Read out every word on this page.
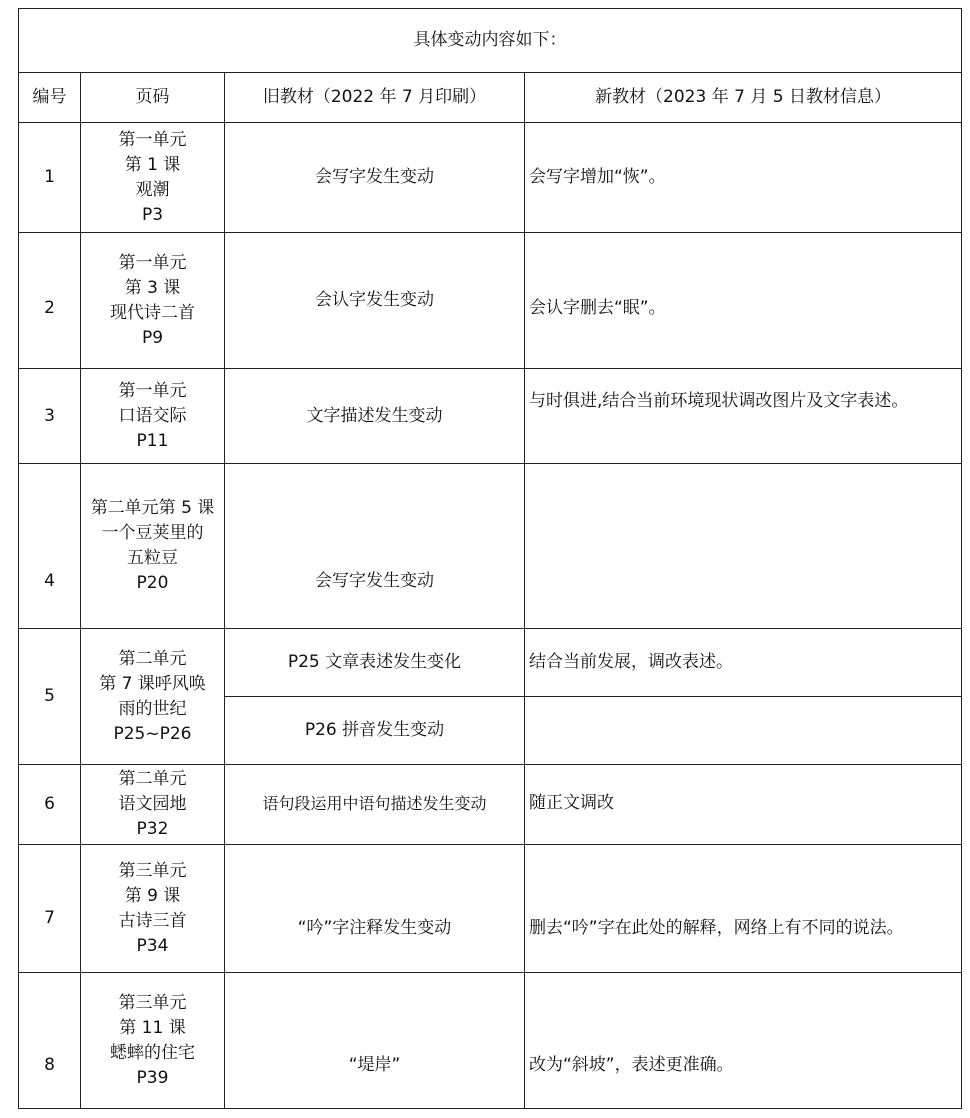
具体变动内容如下：			
编号	页码	旧教材（2022 年 7 月印刷）	新教材（2023 年 7 月 5 日教材信息）
1	第一单元
第 1 课
观潮
P3	会写字发生变动	会写字增加“恢”。
2	第一单元
第 3 课
现代诗二首
P9	会认字发生变动	会认字删去“眠”。
3	第一单元
口语交际
P11	文字描述发生变动	与时俱进,结合当前环境现状调改图片及文字表述。
4	第二单元第 5 课
一个豆荚里的
五粒豆
P20	会写字发生变动	
5	第二单元
第 7 课呼风唤
雨的世纪
P25~P26	P25 文章表述发生变化	结合当前发展，调改表述。
		P26 拼音发生变动	
6	第二单元
语文园地
P32	语句段运用中语句描述发生变动	随正文调改
7	第三单元
第 9 课
古诗三首
P34	“吟”字注释发生变动	删去“吟”字在此处的解释，网络上有不同的说法。
8	第三单元
第 11 课
蟋蟀的住宅
P39	“堤岸”	改为“斜坡”，表述更准确。
